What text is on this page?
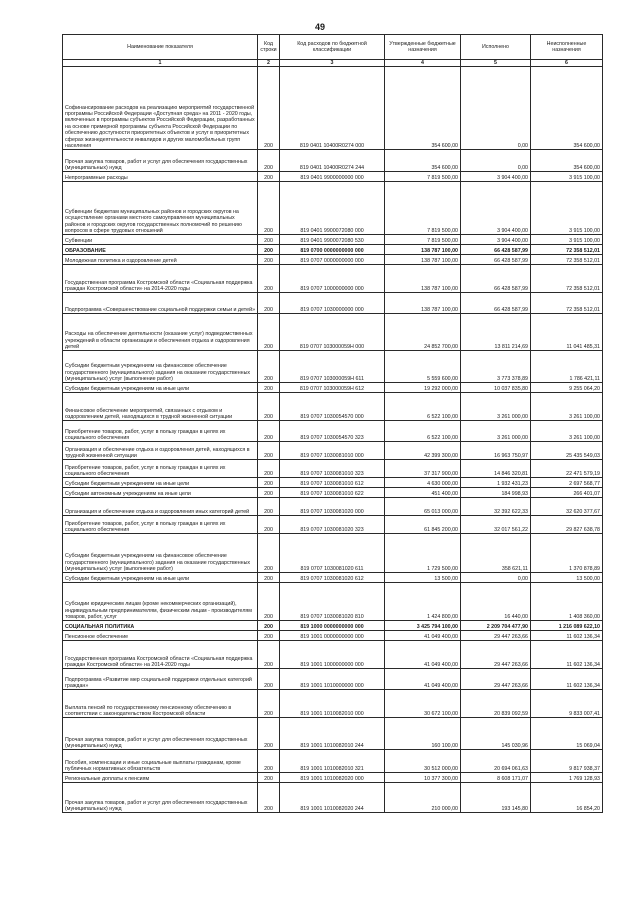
49
Наименование показателя	Код строки	Код расходов по бюджетной классификации	Утвержденные бюджетные назначения	Исполнено	Неисполненные назначения
1	2	3	4	5	6
Софинансирование расходов на реализацию мероприятий государственной программы Российской Федерации «Доступная среда» на 2011 - 2020 годы, включенных в программы субъектов Российской Федерации, разработанных на основе примерной программы субъекта Российской Федерации по обеспечению доступности приоритетных объектов и услуг в приоритетных сферах жизнедеятельности инвалидов и других маломобильных групп населения	200	819 0401 10400R0274 000	354 600,00	0,00	354 600,00
Прочая закупка товаров, работ и услуг для обеспечения государственных (муниципальных) нужд	200	819 0401 10400R0274 244	354 600,00	0,00	354 600,00
Непрограммные расходы	200	819 0401 9900000000 000	7 819 500,00	3 904 400,00	3 915 100,00
Субвенции бюджетам муниципальных районов и городских округов на осуществление органами местного самоуправления муниципальных районов и городских округов государственных полномочий по решению вопросов в сфере трудовых отношений	200	819 0401 9900072080 000	7 819 500,00	3 904 400,00	3 915 100,00
Субвенции	200	819 0401 9900072080 530	7 819 500,00	3 904 400,00	3 915 100,00
ОБРАЗОВАНИЕ	200	819 0700 0000000000 000	138 787 100,00	66 428 587,99	72 358 512,01
Молодежная политика и оздоровление детей	200	819 0707 0000000000 000	138 787 100,00	66 428 587,99	72 358 512,01
Государственная программа Костромской области «Социальная поддержка граждан Костромской области» на 2014-2020 годы	200	819 0707 1000000000 000	138 787 100,00	66 428 587,99	72 358 512,01
Подпрограмма «Совершенствование социальной поддержки семьи и детей»	200	819 0707 1030000000 000	138 787 100,00	66 428 587,99	72 358 512,01
Расходы на обеспечение деятельности (оказание услуг) подведомственных учреждений в области организации и обеспечения отдыха и оздоровления детей	200	819 0707 103000059Н 000	24 852 700,00	13 811 214,69	11 041 485,31
Субсидии бюджетным учреждениям на финансовое обеспечение государственного (муниципального) задания на оказание государственных (муниципальных) услуг (выполнение работ)	200	819 0707 103000059Н 611	5 559 600,00	3 773 378,89	1 786 421,11
Субсидии бюджетным учреждениям на иные цели	200	819 0707 103000059Н 612	19 292 000,00	10 037 835,80	9 255 064,20
Финансовое обеспечение мероприятий, связанных с отдыхом и оздоровлением детей, находящихся в трудной жизненной ситуации	200	819 0707 1030054570 000	6 522 100,00	3 261 000,00	3 261 100,00
Приобретение товаров, работ, услуг в пользу граждан в целях их социального обеспечения	200	819 0707 1030054570 323	6 522 100,00	3 261 000,00	3 261 100,00
Организация и обеспечение отдыха и оздоровления детей, находящихся в трудной жизненной ситуации	200	819 0707 1030081010 000	42 399 300,00	16 963 750,97	25 435 549,03
Приобретение товаров, работ, услуг в пользу граждан в целях их социального обеспечения	200	819 0707 1030081010 323	37 317 900,00	14 846 320,81	22 471 579,19
Субсидии бюджетным учреждениям на иные цели	200	819 0707 1030081010 612	4 630 000,00	1 932 431,23	2 697 568,77
Субсидии автономным учреждениям на иные цели	200	819 0707 1030081010 622	451 400,00	184 998,93	266 401,07
Организация и обеспечение отдыха и оздоровления иных категорий детей	200	819 0707 1030081020 000	65 013 000,00	32 392 622,33	32 620 377,67
Приобретение товаров, работ, услуг в пользу граждан в целях их социального обеспечения	200	819 0707 1030081020 323	61 845 200,00	32 017 561,22	29 827 638,78
Субсидии бюджетным учреждениям на финансовое обеспечение государственного (муниципального) задания на оказание государственных (муниципальных) услуг (выполнение работ)	200	819 0707 1030081020 611	1 729 500,00	358 621,11	1 370 878,89
Субсидии бюджетным учреждениям на иные цели	200	819 0707 1030081020 612	13 500,00	0,00	13 500,00
Субсидии юридическим лицам (кроме некоммерческих организаций), индивидуальным предпринимателям, физическим лицам - производителям товаров, работ, услуг	200	819 0707 1030081020 810	1 424 800,00	16 440,00	1 408 360,00
СОЦИАЛЬНАЯ ПОЛИТИКА	200	819 1000 0000000000 000	3 425 794 100,00	2 209 704 477,90	1 216 089 622,10
Пенсионное обеспечение	200	819 1001 0000000000 000	41 049 400,00	29 447 263,66	11 602 136,34
Государственная программа Костромской области «Социальная поддержка граждан Костромской области» на 2014-2020 годы	200	819 1001 1000000000 000	41 049 400,00	29 447 263,66	11 602 136,34
Подпрограмма «Развитие мер социальной поддержки отдельных категорий граждан»	200	819 1001 1010000000 000	41 049 400,00	29 447 263,66	11 602 136,34
Выплата пенсий по государственному пенсионному обеспечению в соответствии с законодательством Костромской области	200	819 1001 1010082010 000	30 672 100,00	20 839 092,59	9 833 007,41
Прочая закупка товаров, работ и услуг для обеспечения государственных (муниципальных) нужд	200	819 1001 1010082010 244	160 100,00	145 030,96	15 069,04
Пособия, компенсации и иные социальные выплаты гражданам, кроме публичных нормативных обязательств	200	819 1001 1010082010 321	30 512 000,00	20 694 061,63	9 817 938,37
Региональные доплаты к пенсиям	200	819 1001 1010082020 000	10 377 300,00	8 608 171,07	1 769 128,93
Прочая закупка товаров, работ и услуг для обеспечения государственных (муниципальных) нужд	200	819 1001 1010082020 244	210 000,00	193 145,80	16 854,20
